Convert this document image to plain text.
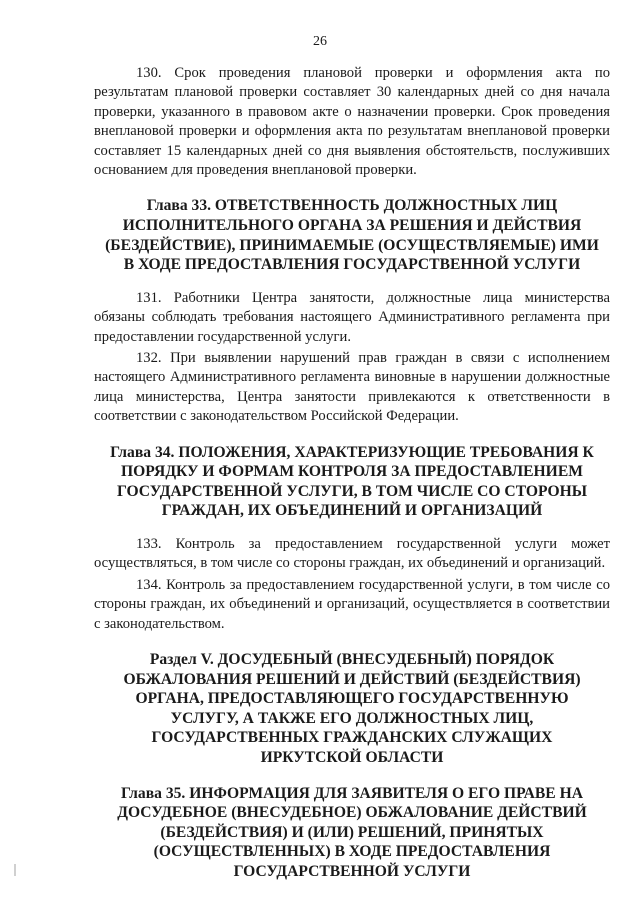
26

130. Срок проведения плановой проверки и оформления акта по результатам плановой проверки составляет 30 календарных дней со дня начала проверки, указанного в правовом акте о назначении проверки. Срок проведения внеплановой проверки и оформления акта по результатам внеплановой проверки составляет 15 календарных дней со дня выявления обстоятельств, послуживших основанием для проведения внеплановой проверки.

Глава 33. ОТВЕТСТВЕННОСТЬ ДОЛЖНОСТНЫХ ЛИЦ ИСПОЛНИТЕЛЬНОГО ОРГАНА ЗА РЕШЕНИЯ И ДЕЙСТВИЯ (БЕЗДЕЙСТВИЕ), ПРИНИМАЕМЫЕ (ОСУЩЕСТВЛЯЕМЫЕ) ИМИ В ХОДЕ ПРЕДОСТАВЛЕНИЯ ГОСУДАРСТВЕННОЙ УСЛУГИ

131. Работники Центра занятости, должностные лица министерства обязаны соблюдать требования настоящего Административного регламента при предоставлении государственной услуги.

132. При выявлении нарушений прав граждан в связи с исполнением настоящего Административного регламента виновные в нарушении должностные лица министерства, Центра занятости привлекаются к ответственности в соответствии с законодательством Российской Федерации.

Глава 34. ПОЛОЖЕНИЯ, ХАРАКТЕРИЗУЮЩИЕ ТРЕБОВАНИЯ К ПОРЯДКУ И ФОРМАМ КОНТРОЛЯ ЗА ПРЕДОСТАВЛЕНИЕМ ГОСУДАРСТВЕННОЙ УСЛУГИ, В ТОМ ЧИСЛЕ СО СТОРОНЫ ГРАЖДАН, ИХ ОБЪЕДИНЕНИЙ И ОРГАНИЗАЦИЙ

133. Контроль за предоставлением государственной услуги может осуществляться, в том числе со стороны граждан, их объединений и организаций.

134. Контроль за предоставлением государственной услуги, в том числе со стороны граждан, их объединений и организаций, осуществляется в соответствии с законодательством.

Раздел V. ДОСУДЕБНЫЙ (ВНЕСУДЕБНЫЙ) ПОРЯДОК ОБЖАЛОВАНИЯ РЕШЕНИЙ И ДЕЙСТВИЙ (БЕЗДЕЙСТВИЯ) ОРГАНА, ПРЕДОСТАВЛЯЮЩЕГО ГОСУДАРСТВЕННУЮ УСЛУГУ, А ТАКЖЕ ЕГО ДОЛЖНОСТНЫХ ЛИЦ, ГОСУДАРСТВЕННЫХ ГРАЖДАНСКИХ СЛУЖАЩИХ ИРКУТСКОЙ ОБЛАСТИ
Глава 35. ИНФОРМАЦИЯ ДЛЯ ЗАЯВИТЕЛЯ О ЕГО ПРАВЕ НА ДОСУДЕБНОЕ (ВНЕСУДЕБНОЕ) ОБЖАЛОВАНИЕ ДЕЙСТВИЙ (БЕЗДЕЙСТВИЯ) И (ИЛИ) РЕШЕНИЙ, ПРИНЯТЫХ (ОСУЩЕСТВЛЕННЫХ) В ХОДЕ ПРЕДОСТАВЛЕНИЯ ГОСУДАРСТВЕННОЙ УСЛУГИ
